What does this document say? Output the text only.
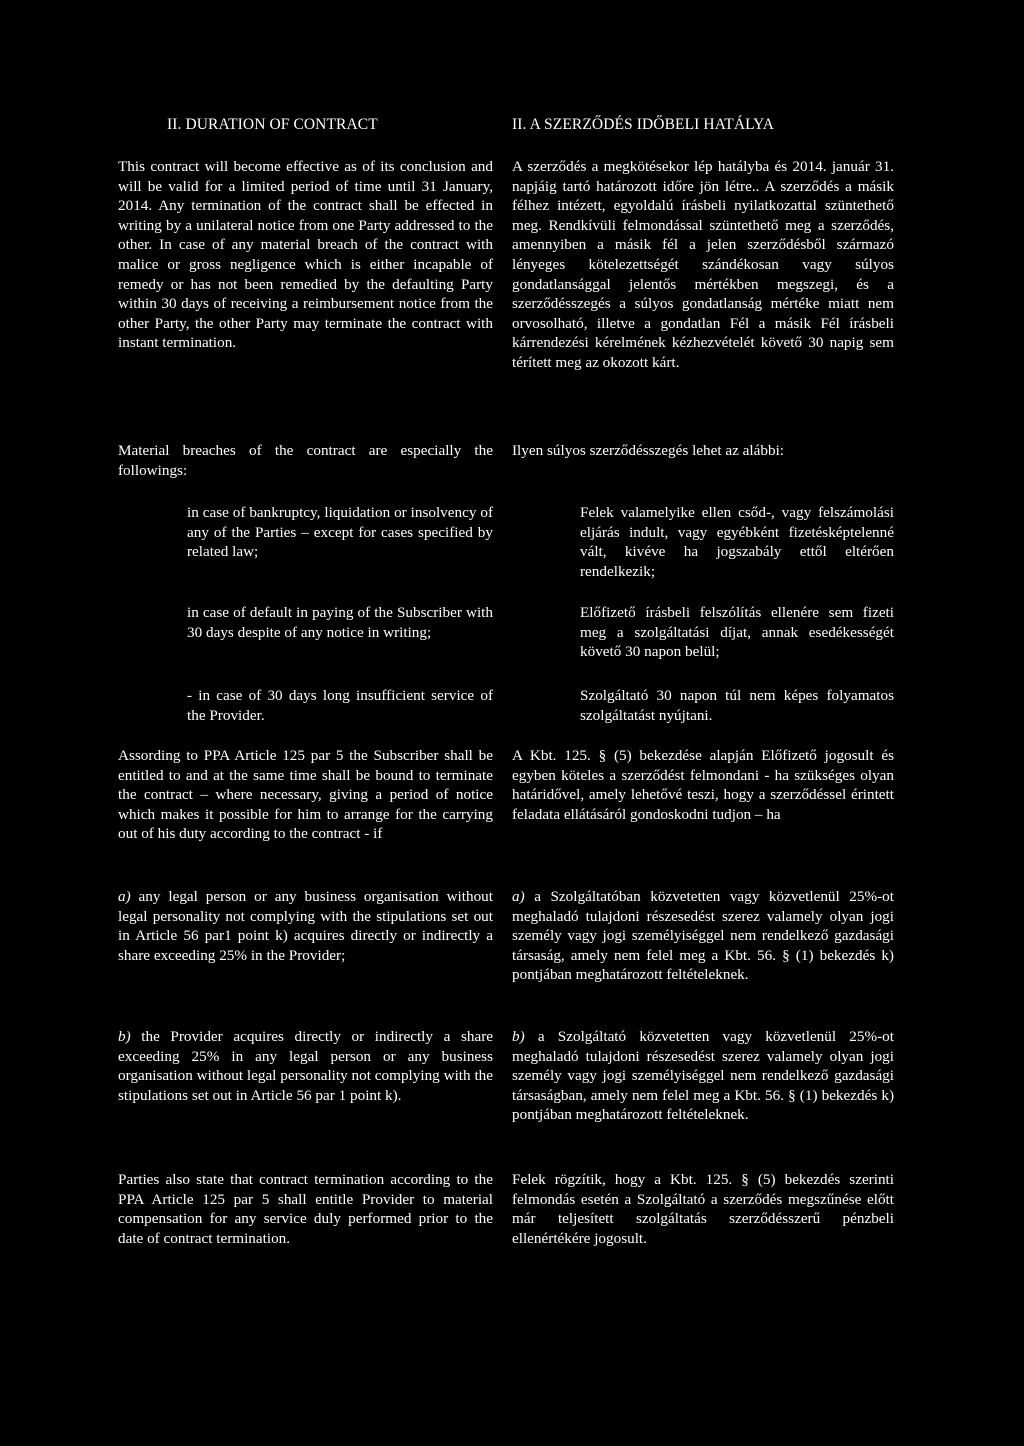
II. DURATION OF CONTRACT

This contract will become effective as of its conclusion and will be valid for a limited period of time until 31 January, 2014. Any termination of the contract shall be effected in writing by a unilateral notice from one Party addressed to the other. In case of any material breach of the contract with malice or gross negligence which is either incapable of remedy or has not been remedied by the defaulting Party within 30 days of receiving a reimbursement notice from the other Party, the other Party may terminate the contract with instant termination.

Material breaches of the contract are especially the followings:

in case of bankruptcy, liquidation or insolvency of any of the Parties – except for cases specified by related law;

in case of default in paying of the Subscriber with 30 days despite of any notice in writing;

- in case of 30 days long insufficient service of the Provider.

Assording to PPA Article 125 par 5 the Subscriber shall be entitled to and at the same time shall be bound to terminate the contract – where necessary, giving a period of notice which makes it possible for him to arrange for the carrying out of his duty according to the contract - if

a) any legal person or any business organisation without legal personality not complying with the stipulations set out in Article 56 par1 point k) acquires directly or indirectly a share exceeding 25% in the Provider;

b) the Provider acquires directly or indirectly a share exceeding 25% in any legal person or any business organisation without legal personality not complying with the stipulations set out in Article 56 par 1 point k).

Parties also state that contract termination according to the PPA Article 125 par 5 shall entitle Provider to material compensation for any service duly performed prior to the date of contract termination.

II. A SZERZŐDÉS IDŐBELI HATÁLYA

A szerződés a megkötésekor lép hatályba és 2014. január 31. napjáig tartó határozott időre jön létre.. A szerződés a másik félhez intézett, egyoldalú írásbeli nyilatkozattal szüntethető meg. Rendkívüli felmondással szüntethető meg a szerződés, amennyiben a másik fél a jelen szerződésből származó lényeges kötelezettségét szándékosan vagy súlyos gondatlansággal jelentős mértékben megszegi, és a szerződésszegés a súlyos gondatlanság mértéke miatt nem orvosolható, illetve a gondatlan Fél a másik Fél írásbeli kárrendezési kérelmének kézhezvételét követő 30 napig sem térített meg az okozott kárt.

Ilyen súlyos szerződésszegés lehet az alábbi:

Felek valamelyike ellen csőd-, vagy felszámolási eljárás indult, vagy egyébként fizetésképtelenné vált, kivéve ha jogszabály ettől eltérően rendelkezik;

Előfizető írásbeli felszólítás ellenére sem fizeti meg a szolgáltatási díjat, annak esedékességét követő 30 napon belül;

Szolgáltató 30 napon túl nem képes folyamatos szolgáltatást nyújtani.

A Kbt. 125. § (5) bekezdése alapján Előfizető jogosult és egyben köteles a szerződést felmondani - ha szükséges olyan határidővel, amely lehetővé teszi, hogy a szerződéssel érintett feladata ellátásáról gondoskodni tudjon – ha

a) a Szolgáltatóban közvetetten vagy közvetlenül 25%-ot meghaladó tulajdoni részesedést szerez valamely olyan jogi személy vagy jogi személyiséggel nem rendelkező gazdasági társaság, amely nem felel meg a Kbt. 56. § (1) bekezdés k) pontjában meghatározott feltételeknek.

b) a Szolgáltató közvetetten vagy közvetlenül 25%-ot meghaladó tulajdoni részesedést szerez valamely olyan jogi személy vagy jogi személyiséggel nem rendelkező gazdasági társaságban, amely nem felel meg a Kbt. 56. § (1) bekezdés k) pontjában meghatározott feltételeknek.

Felek rögzítik, hogy a Kbt. 125. § (5) bekezdés szerinti felmondás esetén a Szolgáltató a szerződés megszűnése előtt már teljesített szolgáltatás szerződésszerű pénzbeli ellenértékére jogosult.
